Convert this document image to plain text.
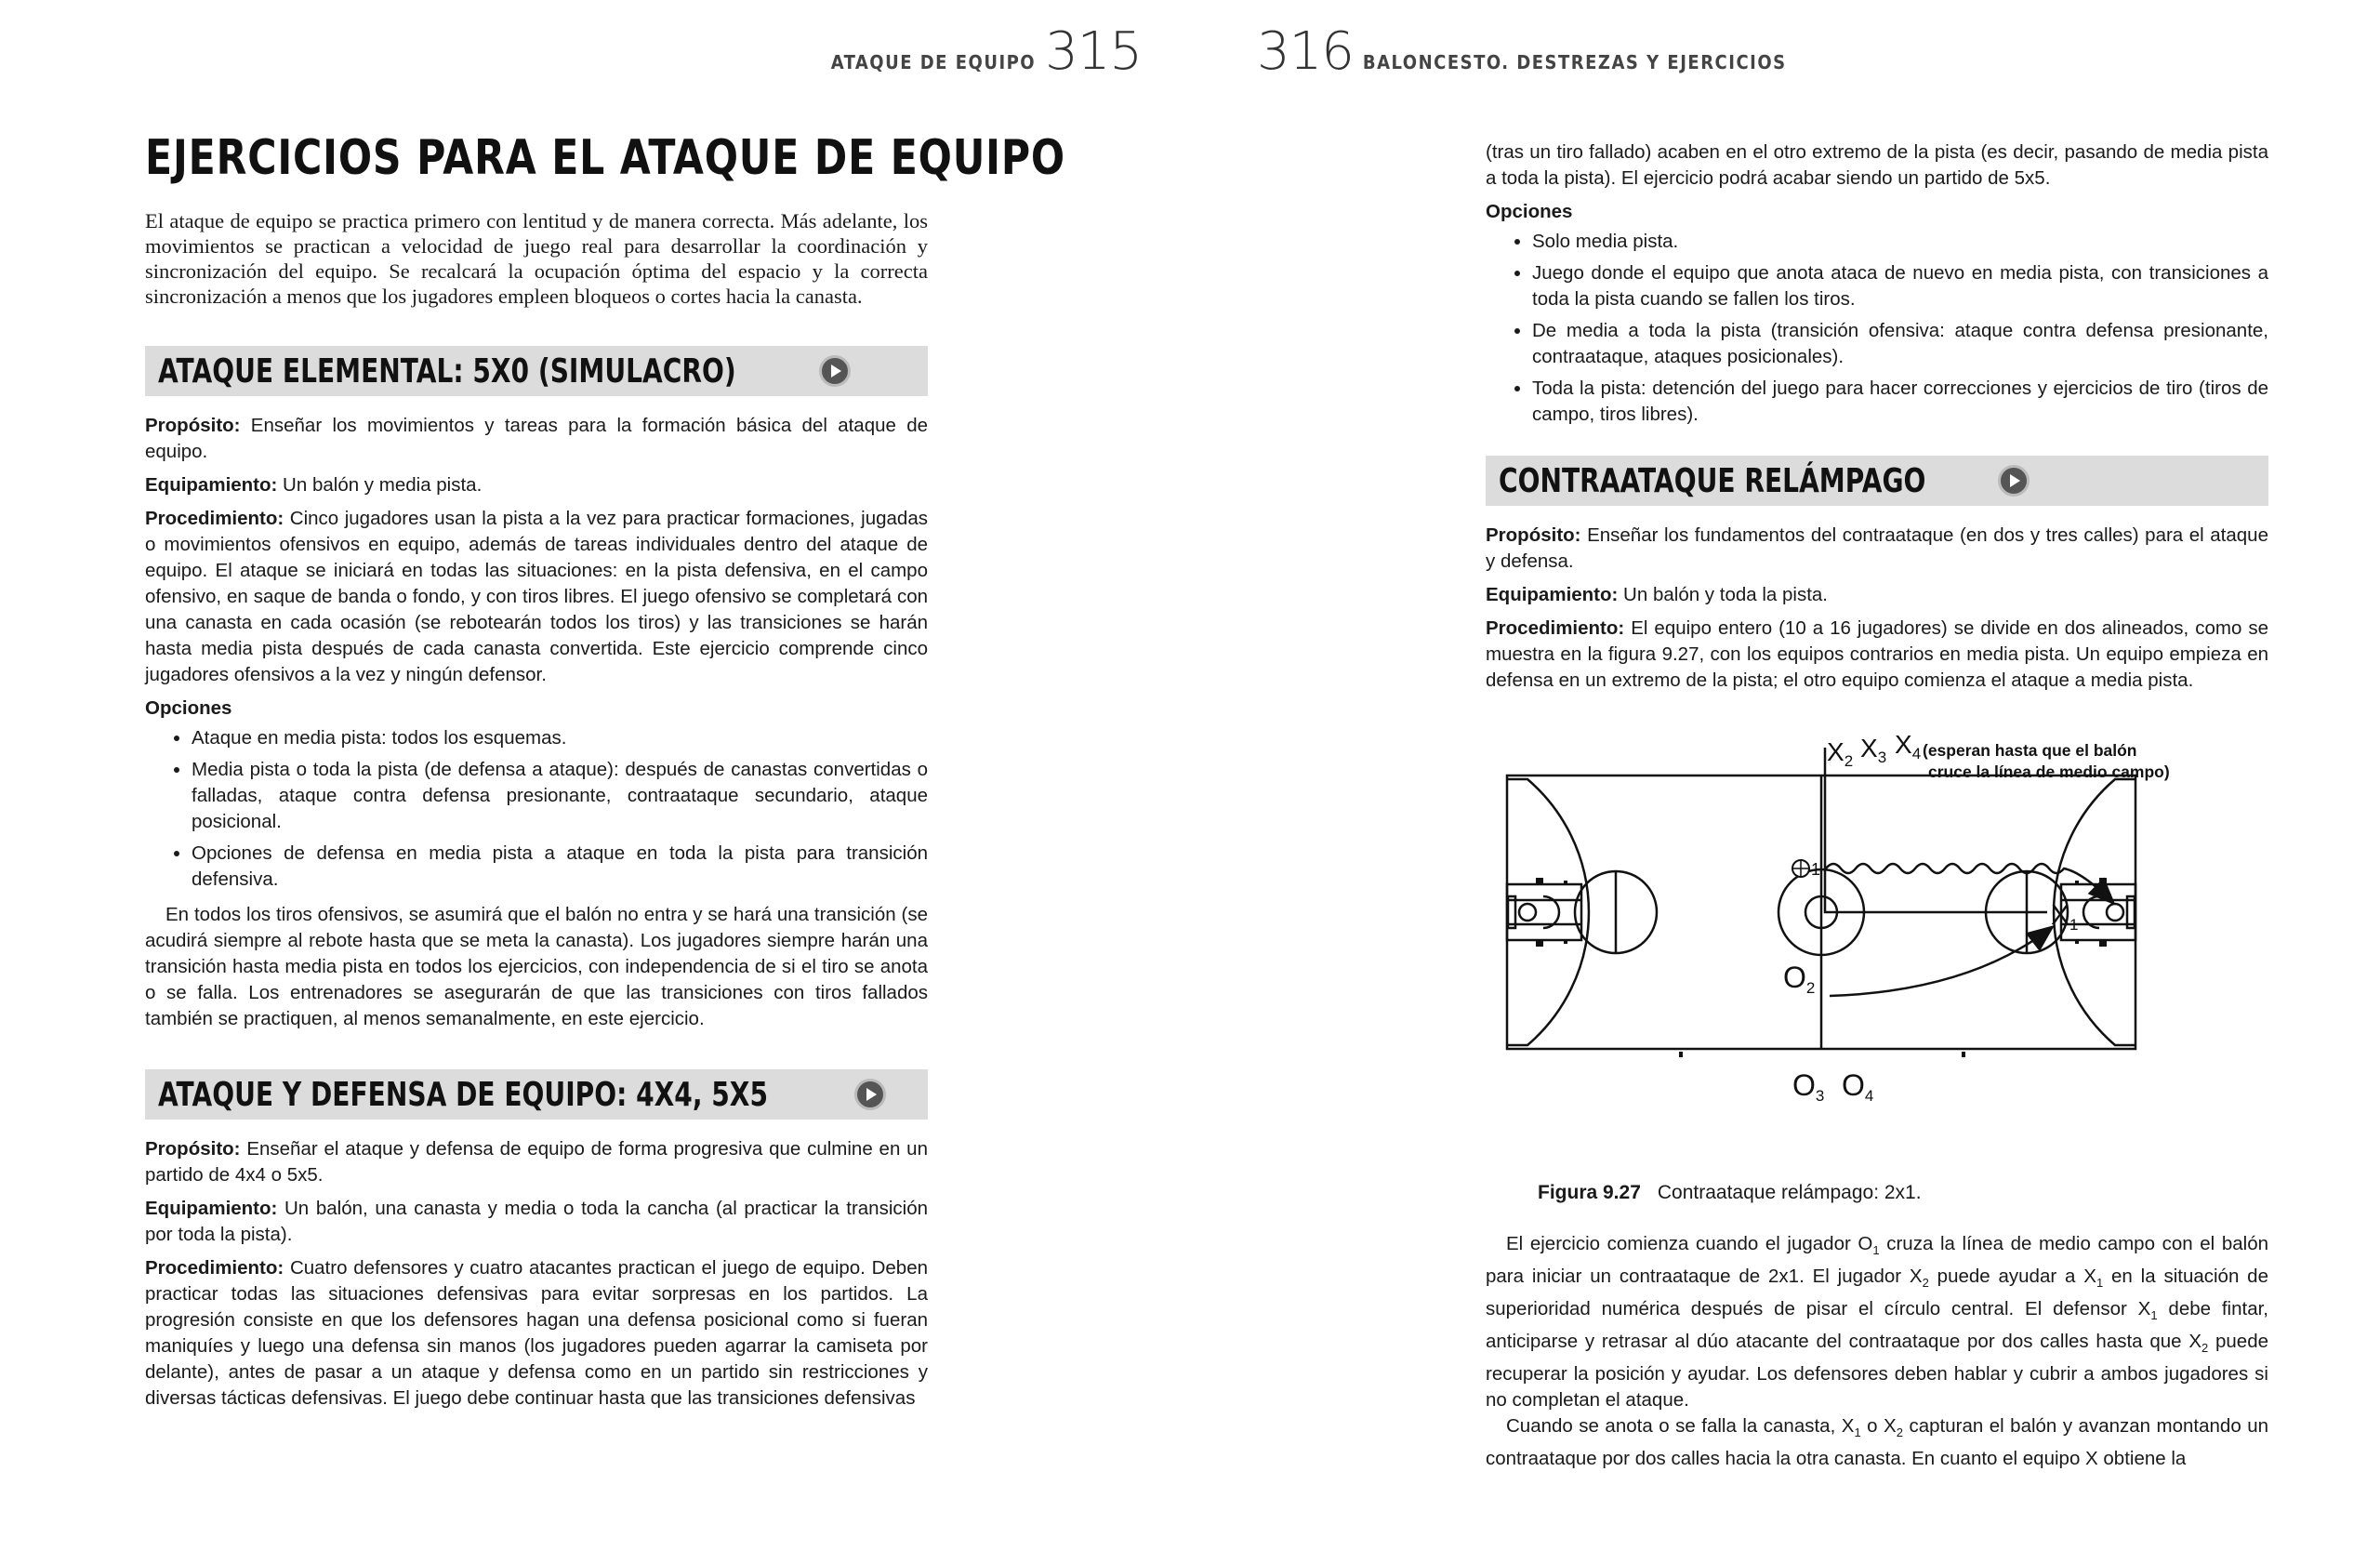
ATAQUE DE EQUIPO 315
EJERCICIOS PARA EL ATAQUE DE EQUIPO

El ataque de equipo se practica primero con lentitud y de manera correcta. Más adelante, los movimientos se practican a velocidad de juego real para desarrollar la coordinación y sincronización del equipo. Se recalcará la ocupación óptima del espacio y la correcta sincronización a menos que los jugadores empleen bloqueos o cortes hacia la canasta.

ATAQUE ELEMENTAL: 5X0 (SIMULACRO)

Propósito: Enseñar los movimientos y tareas para la formación básica del ataque de equipo.

Equipamiento: Un balón y media pista.

Procedimiento: Cinco jugadores usan la pista a la vez para practicar formaciones, jugadas o movimientos ofensivos en equipo, además de tareas individuales dentro del ataque de equipo. El ataque se iniciará en todas las situaciones: en la pista defensiva, en el campo ofensivo, en saque de banda o fondo, y con tiros libres. El juego ofensivo se completará con una canasta en cada ocasión (se rebotearán todos los tiros) y las transiciones se harán hasta media pista después de cada canasta convertida. Este ejercicio comprende cinco jugadores ofensivos a la vez y ningún defensor.

Opciones
• Ataque en media pista: todos los esquemas.
• Media pista o toda la pista (de defensa a ataque): después de canastas convertidas o falladas, ataque contra defensa presionante, contraataque secundario, ataque posicional.
• Opciones de defensa en media pista a ataque en toda la pista para transición defensiva.

En todos los tiros ofensivos, se asumirá que el balón no entra y se hará una transición (se acudirá siempre al rebote hasta que se meta la canasta). Los jugadores siempre harán una transición hasta media pista en todos los ejercicios, con independencia de si el tiro se anota o se falla. Los entrenadores se asegurarán de que las transiciones con tiros fallados también se practiquen, al menos semanalmente, en este ejercicio.

ATAQUE Y DEFENSA DE EQUIPO: 4X4, 5X5

Propósito: Enseñar el ataque y defensa de equipo de forma progresiva que culmine en un partido de 4x4 o 5x5.

Equipamiento: Un balón, una canasta y media o toda la cancha (al practicar la transición por toda la pista).

Procedimiento: Cuatro defensores y cuatro atacantes practican el juego de equipo. Deben practicar todas las situaciones defensivas para evitar sorpresas en los partidos. La progresión consiste en que los defensores hagan una defensa posicional como si fueran maniquíes y luego una defensa sin manos (los jugadores pueden agarrar la camiseta por delante), antes de pasar a un ataque y defensa como en un partido sin restricciones y diversas tácticas defensivas. El juego debe continuar hasta que las transiciones defensivas

316 BALONCESTO. DESTREZAS Y EJERCICIOS

(tras un tiro fallado) acaben en el otro extremo de la pista (es decir, pasando de media pista a toda la pista). El ejercicio podrá acabar siendo un partido de 5x5.

Opciones
• Solo media pista.
• Juego donde el equipo que anota ataca de nuevo en media pista, con transiciones a toda la pista cuando se fallen los tiros.
• De media a toda la pista (transición ofensiva: ataque contra defensa presionante, contraataque, ataques posicionales).
• Toda la pista: detención del juego para hacer correcciones y ejercicios de tiro (tiros de campo, tiros libres).
CONTRAATAQUE RELÁMPAGO

Propósito: Enseñar los fundamentos del contraataque (en dos y tres calles) para el ataque y defensa.

Equipamiento: Un balón y toda la pista.

Procedimiento: El equipo entero (10 a 16 jugadores) se divide en dos alineados, como se muestra en la figura 9.27, con los equipos contrarios en media pista. Un equipo empieza en defensa en un extremo de la pista; el otro equipo comienza el ataque a media pista.

$X_2$ $X_3$ $X_4$ (esperan hasta que el balón
cruce la línea de medio campo)
1
$X_1$
O2
O3 O4
Figura 9.27 Contraataque relámpago: 2x1.

El ejercicio comienza cuando el jugador $O_1$ cruza la línea de medio campo con el balón para iniciar un contraataque de 2x1. El jugador $X_2$ puede ayudar a $X_1$ en la situación de superioridad numérica después de pisar el círculo central. El defensor $X_1$ debe fintar, anticiparse y retrasar al dúo atacante del contraataque por dos calles hasta que $X_2$ puede recuperar la posición y ayudar. Los defensores deben hablar y cubrir a ambos jugadores si no completan el ataque.

Cuando se anota o se falla la canasta, $X_1$ o $X_2$ capturan el balón y avanzan montando un contraataque por dos calles hacia la otra canasta. En cuanto el equipo X obtiene la
